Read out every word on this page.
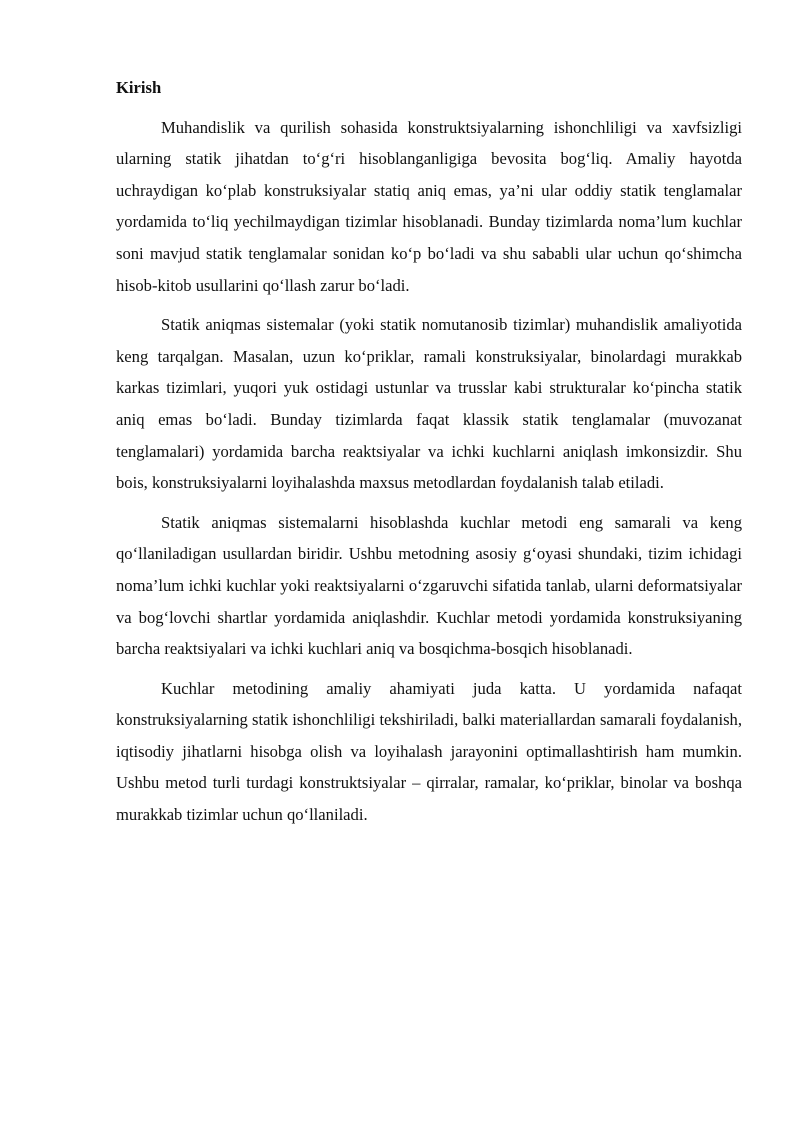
Kirish

Muhandislik va qurilish sohasida konstruktsiyalarning ishonchliligi va xavfsizligi ularning statik jihatdan to‘g‘ri hisoblanganligiga bevosita bog‘liq. Amaliy hayotda uchraydigan ko‘plab konstruksiyalar statiq aniq emas, ya’ni ular oddiy statik tenglamalar yordamida to‘liq yechilmaydigan tizimlar hisoblanadi. Bunday tizimlarda noma’lum kuchlar soni mavjud statik tenglamalar sonidan ko‘p bo‘ladi va shu sababli ular uchun qo‘shimcha hisob-kitob usullarini qo‘llash zarur bo‘ladi.

Statik aniqmas sistemalar (yoki statik nomutanosib tizimlar) muhandislik amaliyotida keng tarqalgan. Masalan, uzun ko‘priklar, ramali konstruksiyalar, binolardagi murakkab karkas tizimlari, yuqori yuk ostidagi ustunlar va trusslar kabi strukturalar ko‘pincha statik aniq emas bo‘ladi. Bunday tizimlarda faqat klassik statik tenglamalar (muvozanat tenglamalari) yordamida barcha reaktsiyalar va ichki kuchlarni aniqlash imkonsizdir. Shu bois, konstruksiyalarni loyihalashda maxsus metodlardan foydalanish talab etiladi.

Statik aniqmas sistemalarni hisoblashda kuchlar metodi eng samarali va keng qo‘llaniladigan usullardan biridir. Ushbu metodning asosiy g‘oyasi shundaki, tizim ichidagi noma’lum ichki kuchlar yoki reaktsiyalarni o‘zgaruvchi sifatida tanlab, ularni deformatsiyalar va bog‘lovchi shartlar yordamida aniqlashdir. Kuchlar metodi yordamida konstruksiyaning barcha reaktsiyalari va ichki kuchlari aniq va bosqichma-bosqich hisoblanadi.

Kuchlar metodining amaliy ahamiyati juda katta. U yordamida nafaqat konstruksiyalarning statik ishonchliligi tekshiriladi, balki materiallardan samarali foydalanish, iqtisodiy jihatlarni hisobga olish va loyihalash jarayonini optimallashtirish ham mumkin. Ushbu metod turli turdagi konstruktsiyalar – qirralar, ramalar, ko‘priklar, binolar va boshqa murakkab tizimlar uchun qo‘llaniladi.
